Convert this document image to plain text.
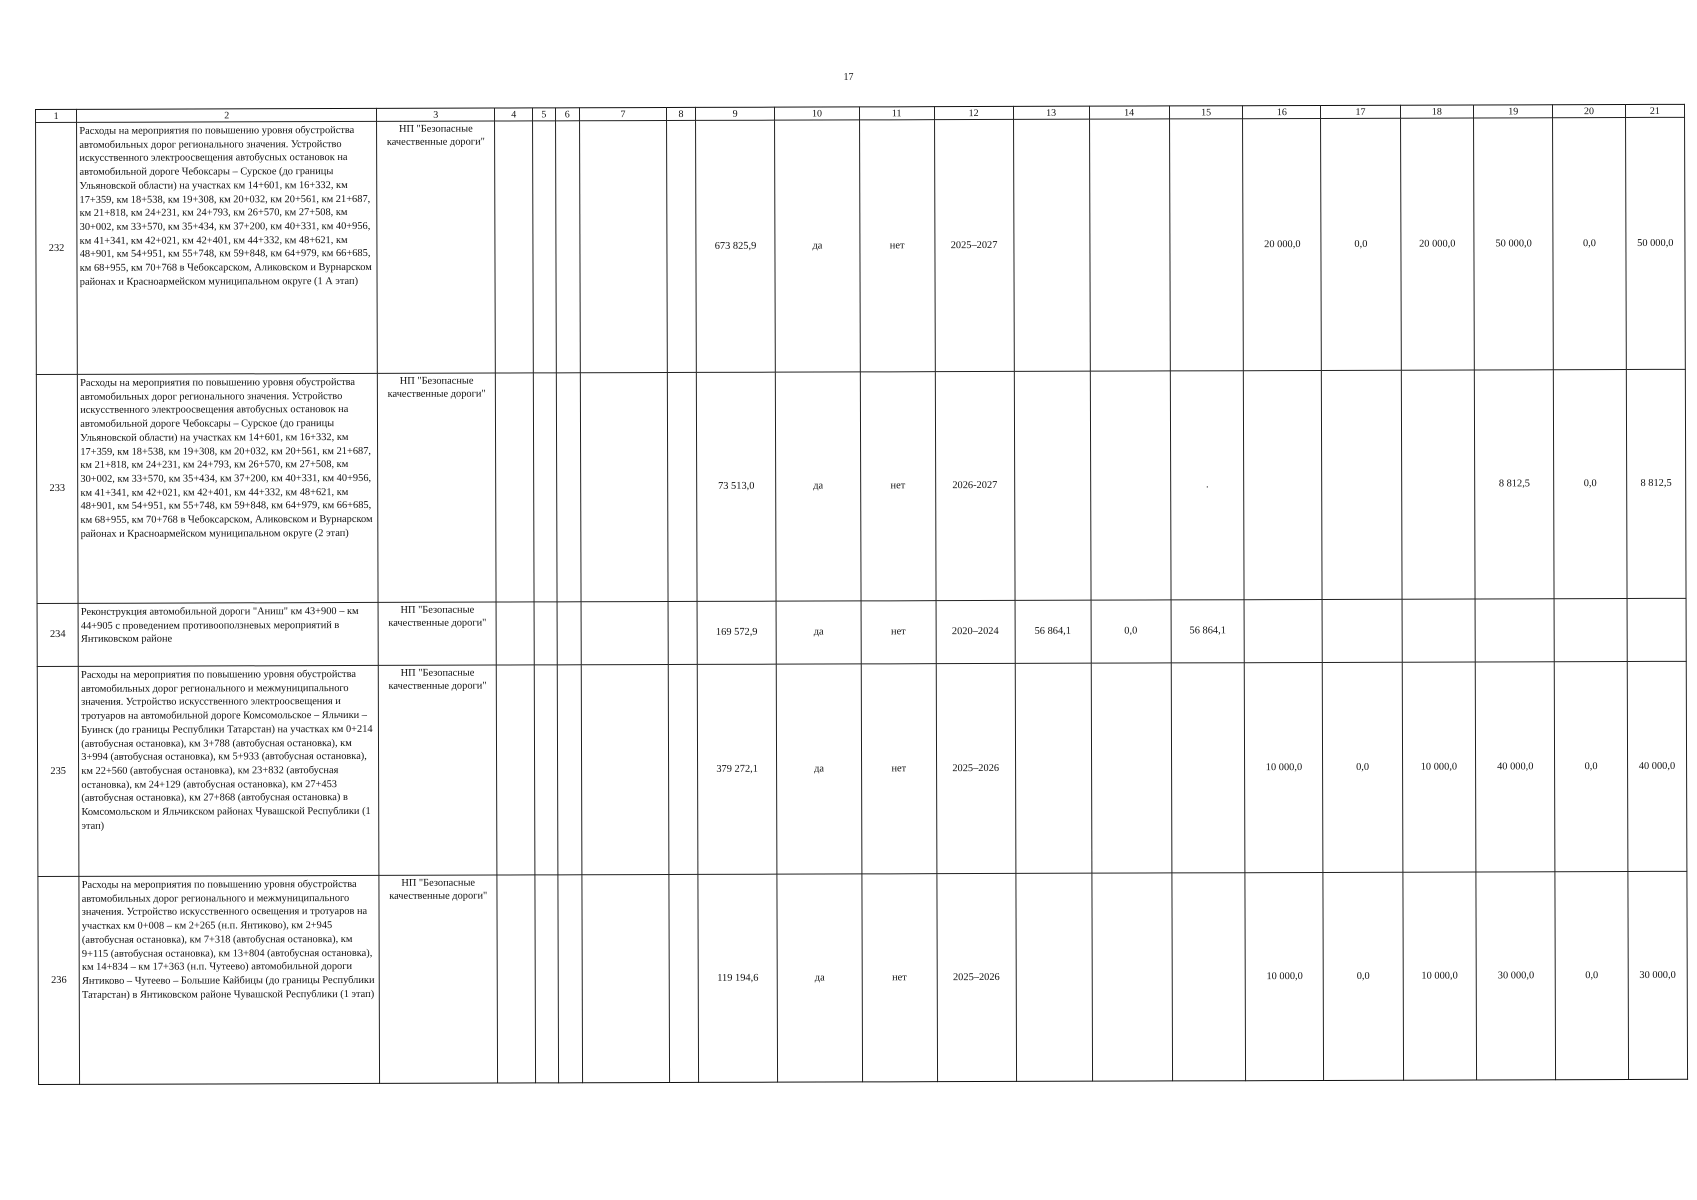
17
1	2	3	4	5	6	7	8	9	10	11	12	13	14	15	16	17	18	19	20	21
232	Расходы на мероприятия по повышению уровня обустройства автомобильных дорог регионального значения. Устройство искусственного электроосвещения автобусных остановок на автомобильной дороге Чебоксары – Сурское (до границы Ульяновской области) на участках км 14+601, км 16+332, км 17+359, км 18+538, км 19+308, км 20+032, км 20+561, км 21+687, км 21+818, км 24+231, км 24+793, км 26+570, км 27+508, км 30+002, км 33+570, км 35+434, км 37+200, км 40+331, км 40+956, км 41+341, км 42+021, км 42+401, км 44+332, км 48+621, км 48+901, км 54+951, км 55+748, км 59+848, км 64+979, км 66+685, км 68+955, км 70+768 в Чебоксарском, Аликовском и Вурнарском районах и Красноармейском муниципальном округе (1 А этап)	НП "Безопасные качественные дороги"						673 825,9	да	нет	2025–2027				20 000,0	0,0	20 000,0	50 000,0	0,0	50 000,0
233	Расходы на мероприятия по повышению уровня обустройства автомобильных дорог регионального значения. Устройство искусственного электроосвещения автобусных остановок на автомобильной дороге Чебоксары – Сурское (до границы Ульяновской области) на участках км 14+601, км 16+332, км 17+359, км 18+538, км 19+308, км 20+032, км 20+561, км 21+687, км 21+818, км 24+231, км 24+793, км 26+570, км 27+508, км 30+002, км 33+570, км 35+434, км 37+200, км 40+331, км 40+956, км 41+341, км 42+021, км 42+401, км 44+332, км 48+621, км 48+901, км 54+951, км 55+748, км 59+848, км 64+979, км 66+685, км 68+955, км 70+768 в Чебоксарском, Аликовском и Вурнарском районах и Красноармейском муниципальном округе (2 этап)	НП "Безопасные качественные дороги"						73 513,0	да	нет	2026-2027			.				8 812,5	0,0	8 812,5
234	Реконструкция автомобильной дороги "Аниш" км 43+900 – км 44+905 с проведением противооползневых мероприятий в Янтиковском районе	НП "Безопасные качественные дороги"						169 572,9	да	нет	2020–2024	56 864,1	0,0	56 864,1						
235	Расходы на мероприятия по повышению уровня обустройства автомобильных дорог регионального и межмуниципального значения. Устройство искусственного электроосвещения и тротуаров на автомобильной дороге Комсомольское – Яльчики – Буинск (до границы Республики Татарстан) на участках км 0+214 (автобусная остановка), км 3+788 (автобусная остановка), км 3+994 (автобусная остановка), км 5+933 (автобусная остановка), км 22+560 (автобусная остановка), км 23+832 (автобусная остановка), км 24+129 (автобусная остановка), км 27+453 (автобусная остановка), км 27+868 (автобусная остановка) в Комсомольском и Яльчикском районах Чувашской Республики (1 этап)	НП "Безопасные качественные дороги"						379 272,1	да	нет	2025–2026				10 000,0	0,0	10 000,0	40 000,0	0,0	40 000,0
236	Расходы на мероприятия по повышению уровня обустройства автомобильных дорог регионального и межмуниципального значения. Устройство искусственного освещения и тротуаров на участках км 0+008 – км 2+265 (н.п. Янтиково), км 2+945 (автобусная остановка), км 7+318 (автобусная остановка), км 9+115 (автобусная остановка), км 13+804 (автобусная остановка), км 14+834 – км 17+363 (н.п. Чутеево) автомобильной дороги Янтиково – Чутеево – Большие Кайбицы (до границы Республики Татарстан) в Янтиковском районе Чувашской Республики (1 этап)	НП "Безопасные качественные дороги"						119 194,6	да	нет	2025–2026				10 000,0	0,0	10 000,0	30 000,0	0,0	30 000,0
